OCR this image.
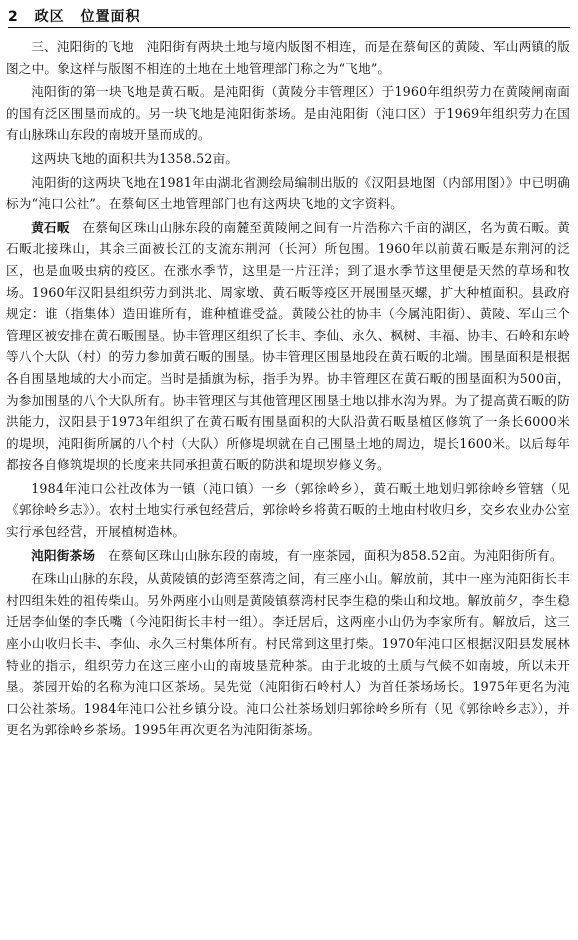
2 政区 位置面积

三、沌阳街的飞地　沌阳街有两块土地与境内版图不相连，而是在蔡甸区的黄陵、军山两镇的版图之中。象这样与版图不相连的土地在土地管理部门称之为“飞地”。

沌阳街的第一块飞地是黄石畈。是沌阳街（黄陵分丰管理区）于1960年组织劳力在黄陵闸南面的国有泛区围垦而成的。另一块飞地是沌阳街茶场。是由沌阳街（沌口区）于1969年组织劳力在国有山脉珠山东段的南坡开垦而成的。

这两块飞地的面积共为1358.52亩。

沌阳街的这两块飞地在1981年由湖北省测绘局编制出版的《汉阳县地图（内部用图）》中已明确标为“沌口公社”。在蔡甸区土地管理部门也有这两块飞地的文字资料。

黄石畈　在蔡甸区珠山山脉东段的南麓至黄陵闸之间有一片浩称六千亩的湖区，名为黄石畈。黄石畈北接珠山，其余三面被长江的支流东荆河（长河）所包围。1960年以前黄石畈是东荆河的泛区，也是血吸虫病的疫区。在涨水季节，这里是一片汪洋；到了退水季节这里便是天然的草场和牧场。1960年汉阳县组织劳力到洪北、周家墩、黄石畈等疫区开展围垦灭螺，扩大种植面积。县政府规定：谁（指集体）造田谁所有，谁种植谁受益。黄陵公社的协丰（今属沌阳街）、黄陵、军山三个管理区被安排在黄石畈围垦。协丰管理区组织了长丰、李仙、永久、枫树、丰福、协丰、石岭和东岭等八个大队（村）的劳力参加黄石畈的围垦。协丰管理区围垦地段在黄石畈的北端。围垦面积是根据各自围垦地域的大小而定。当时是插旗为标，指手为界。协丰管理区在黄石畈的围垦面积为500亩，为参加围垦的八个大队所有。协丰管理区与其他管理区围垦土地以排水沟为界。为了提高黄石畈的防洪能力，汉阳县于1973年组织了在黄石畈有围垦面积的大队沿黄石畈垦植区修筑了一条长6000米的堤坝，沌阳街所属的八个村（大队）所修堤坝就在自己围垦土地的周边，堤长1600米。以后每年都按各自修筑堤坝的长度来共同承担黄石畈的防洪和堤坝岁修义务。

1984年沌口公社改体为一镇（沌口镇）一乡（郭徐岭乡），黄石畈土地划归郭徐岭乡管辖（见《郭徐岭乡志》）。农村土地实行承包经营后，郭徐岭乡将黄石畈的土地由村收归乡，交乡农业办公室实行承包经营，开展植树造林。

沌阳街茶场　在蔡甸区珠山山脉东段的南坡，有一座茶园，面积为858.52亩。为沌阳街所有。

在珠山山脉的东段，从黄陵镇的彭湾至蔡湾之间，有三座小山。解放前，其中一座为沌阳街长丰村四组朱姓的祖传柴山。另外两座小山则是黄陵镇蔡湾村民李生稳的柴山和坟地。解放前夕，李生稳迁居李仙堡的李氏嘴（今沌阳街长丰村一组）。李迁居后，这两座小山仍为李家所有。解放后，这三座小山收归长丰、李仙、永久三村集体所有。村民常到这里打柴。1970年沌口区根据汉阳县发展林特业的指示，组织劳力在这三座小山的南坡垦荒种茶。由于北坡的土质与气候不如南坡，所以未开垦。茶园开始的名称为沌口区茶场。吴先觉（沌阳街石岭村人）为首任茶场场长。1975年更名为沌口公社茶场。1984年沌口公社乡镇分设。沌口公社茶场划归郭徐岭乡所有（见《郭徐岭乡志》），并更名为郭徐岭乡茶场。1995年再次更名为沌阳街茶场。
